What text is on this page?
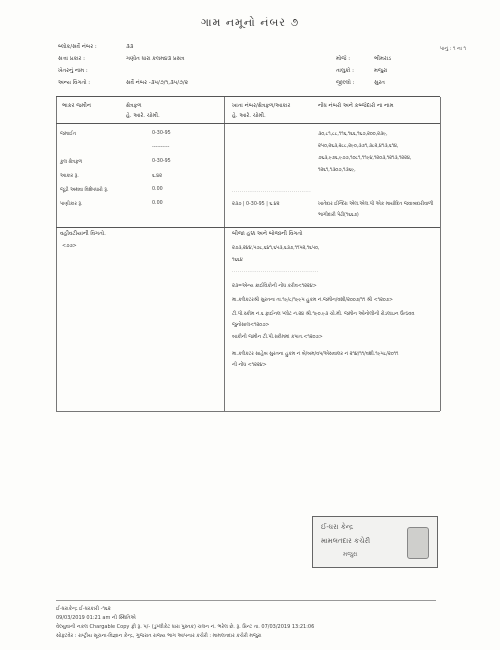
ગામ નમૂનો નંબર ૭
પાનું : ૧ ના ૧
બ્લોક/સર્વે નંબર :	૩૩
સત્તા પ્રકાર :	ગણોત ધારા કલમ૪૩ પ્રસત્ર
ખેતરનું નામ :
અન્ય વિગતો :	સર્વે નંબર -૩૫/૭/૧,૩૫/૭/૨
મોજે :	ભીમરાડ
તાલુકો :	મજુરા
જીલ્લો :	સુરત
ભાકર જમીન	ક્ષેત્રફળ
હે. આરે. ચોમી.
ખાતા નંબર/ક્ષેત્રફળ/આકાર
હે. આરે. ચોમી.
નોંધ નંબરો અને કબ્જેદારો ના નામ
જમાઈત	0-30-95
----------
કુલ ક્ષેત્રફળ	0-30-95
આકાર રૂ.	૬.૪૨
જૂડી અથવા વિશેષધારો રૂ.	0.00
પાણીકાર રૂ.	0.00
૩૦,૮૧,૮૮,૧૧૬,૧૬૬,૧૬૭,૨૦૦,૨૩૯,
૨૫૦,૨૬૩,૨૮૮,૨૯૦,૩૭૧,૩૮૨,૪૧૩,૬૧૪,
૭૬૩,૯૭૬,૯૭૭,૧૦૮૧,૧૧૯૪,૧૨૦૩,૧૨૧૩,૧૨૨૪,
૧૨૬૧,૧૩૦૭,૧૩૬૯,
.........................................
૨૩૭ | 0-30-95 | ૬.૪૨	ખાતેદાર ઈન્દિરા એલ.એલ.પી એક માર્યાદિત જવાબદારીવાળી
ભાગીદારી પેઢી(૧૬૬૭)
વહીવટીયાની વિગતો.	બીજા હક્ક અને બોજાની વિગતો
<૭૭>	૨૭૩,૨૪૪,૫૭૮,૬૪૧,૬૫૩,૬૩૭,૧૧૫૨,૧૬૫૦,
૧૬૬૪
.............................................
૨૩=એન્ય ક્રાઈવિકોની નોંધ કરીવ<૧૨૨૪>
મા.કલેકટરશ્રી સુરતના તા.૧૯/૮/૧૯૯૫ હુકમ નં.જમીન/વશી/૨૦૦૭/૧૧ શ્રી <૧૨૦૭>
ટી.પી.સ્કીમ નં.૬ ફાઈનલ પ્લોટ નં.૨૪ શ્રી.૧૯૦.૯૩ ચો.મી. જમીન ઓનોલીની રોડલાઇન ઉત્ઠવવ
જુનોસાલ<૧૨૦૭>
બાકીની જમીન ટી.પી.સ્કીમમાં કપાત.<૧૨૦૭>
મા.કલેકટર સાહેબ સુરતના હુકમ નં બે/બમ/વપ/એસવાલર નં ૨૧૪/૧૧/વશી.૧૯૫૮/૨૦૧૧
ની નોંધ <૧૨૨૪>
ઈ-ધરા કેન્દ્ર
મામલતદાર કચેરી
મજુરા
ઈ-ધરાકેન્દ્ર ઈ-ધરકારી -૧૬૨
09/03/2019 01:21 am ની સ્થિતિએ
વેલ્યુવાની નકલ Chargable Copy ફી રૂ. ૫/- (ડુપ્લીકેટ ધારા પુસ્તક) ચલન નં. ભરેલ છે. રૂ. પ્રિન્ટ તા. 07/03/2019 13:21:06
સોફ્ટવેર : રાષ્ટ્રીય સૂચના-વિજ્ઞાન કેન્દ્ર, ગુજરાત રાજ્ય ભાગ આપનાર કચેરી : મામલતદાર કચેરી મજુરા
